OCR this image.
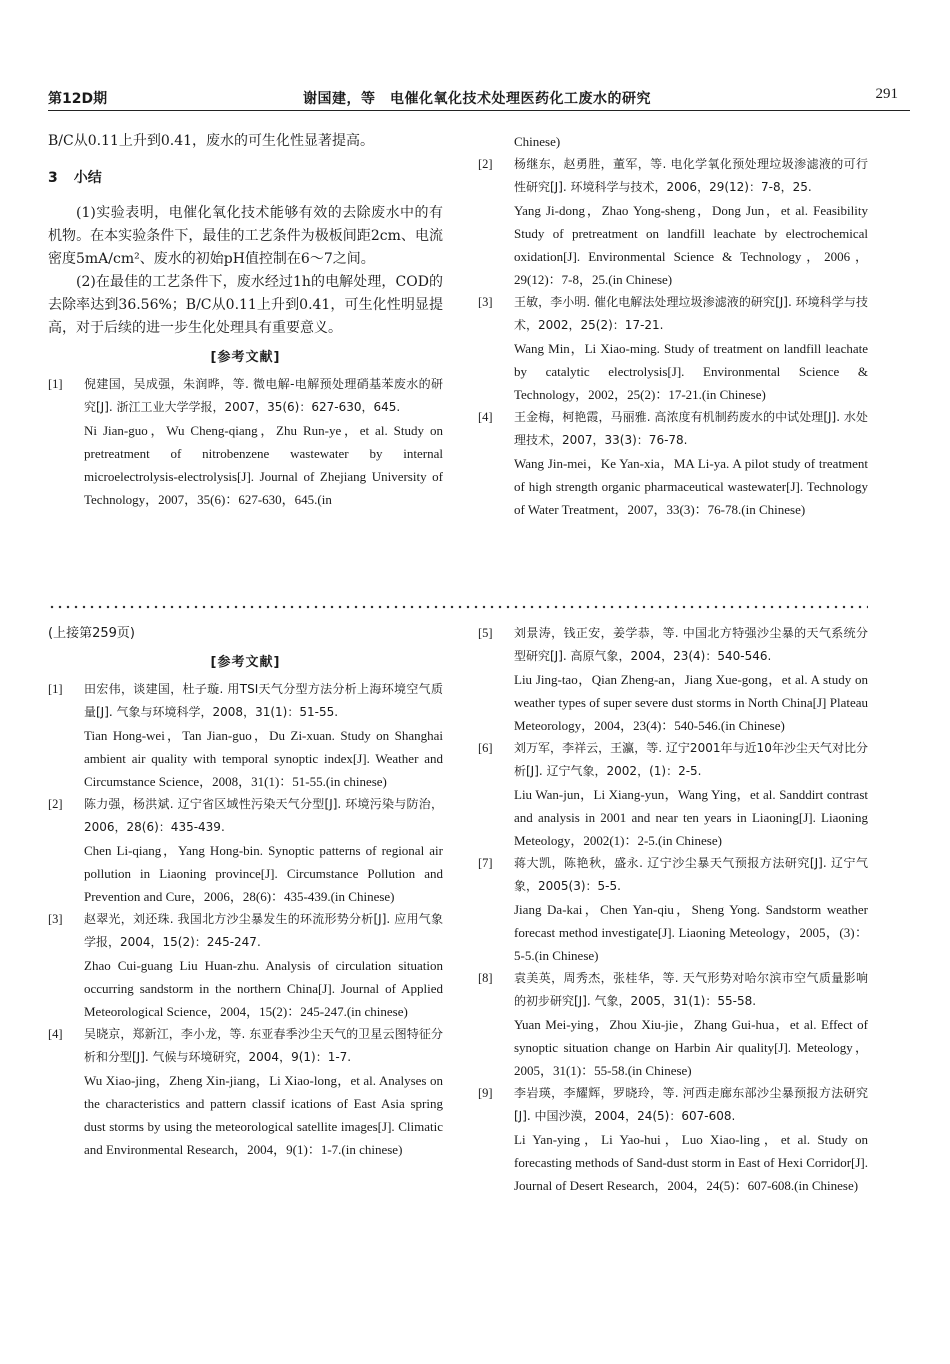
第12D期	谢国建，等　电催化氧化技术处理医药化工废水的研究	291

B/C从0.11上升到0.41，废水的可生化性显著提高。

3 小结

(1)实验表明，电催化氧化技术能够有效的去除废水中的有机物。在本实验条件下，最佳的工艺条件为极板间距2cm、电流密度5mA/cm²、废水的初始pH值控制在6～7之间。

(2)在最佳的工艺条件下，废水经过1h的电解处理，COD的去除率达到36.56%；B/C从0.11上升到0.41，可生化性明显提高，对于后续的进一步生化处理具有重要意义。

[参考文献]
[1] 倪建国，吴成强，朱润晔，等. 微电解-电解预处理硝基苯废水的研究[J]. 浙江工业大学学报，2007，35(6)：627-630，645.
Ni Jian-guo，Wu Cheng-qiang，Zhu Run-ye，et al. Study on pretreatment of nitrobenzene wastewater by internal microelectrolysis-electrolysis[J]. Journal of Zhejiang University of Technology，2007，35(6)：627-630，645.(in
Chinese)
[2] 杨继东，赵勇胜，董军，等. 电化学氧化预处理垃圾渗滤液的可行性研究[J]. 环境科学与技术，2006，29(12)：7-8，25.
Yang Ji-dong，Zhao Yong-sheng，Dong Jun，et al. Feasibility Study of pretreatment on landfill leachate by electrochemical oxidation[J]. Environmental Science & Technology，2006，29(12)：7-8，25.(in Chinese)
[3] 王敏，李小明. 催化电解法处理垃圾渗滤液的研究[J]. 环境科学与技术，2002，25(2)：17-21.
Wang Min，Li Xiao-ming. Study of treatment on landfill leachate by catalytic electrolysis[J]. Environmental Science & Technology，2002，25(2)：17-21.(in Chinese)
[4] 王金梅，柯艳霞，马丽雅. 高浓度有机制药废水的中试处理[J]. 水处理技术，2007，33(3)：76-78.
Wang Jin-mei，Ke Yan-xia，MA Li-ya. A pilot study of treatment of high strength organic pharmaceutical wastewater[J]. Technology of Water Treatment，2007，33(3)：76-78.(in Chinese)

(上接第259页)

[参考文献]
[1] 田宏伟，谈建国，杜子璇. 用TSI天气分型方法分析上海环境空气质量[J]. 气象与环境科学，2008，31(1)：51-55.
Tian Hong-wei，Tan Jian-guo，Du Zi-xuan. Study on Shanghai ambient air quality with temporal synoptic index[J]. Weather and Circumstance Science，2008，31(1)：51-55.(in chinese)
[2] 陈力强，杨洪斌. 辽宁省区域性污染天气分型[J]. 环境污染与防治，2006，28(6)：435-439.
Chen Li-qiang，Yang Hong-bin. Synoptic patterns of regional air pollution in Liaoning province[J]. Circumstance Pollution and Prevention and Cure，2006，28(6)：435-439.(in Chinese)
[3] 赵翠光，刘还珠. 我国北方沙尘暴发生的环流形势分析[J]. 应用气象学报，2004，15(2)：245-247.
Zhao Cui-guang Liu Huan-zhu. Analysis of circulation situation occurring sandstorm in the northern China[J]. Journal of Applied Meteorological Science，2004，15(2)：245-247.(in chinese)
[4] 吴晓京，郑新江，李小龙，等. 东亚春季沙尘天气的卫星云图特征分析和分型[J]. 气候与环境研究，2004，9(1)：1-7.
Wu Xiao-jing，Zheng Xin-jiang，Li Xiao-long，et al. Analyses on the characteristics and pattern classif ications of East Asia spring dust storms by using the meteorological satellite images[J]. Climatic and Environmental Research，2004，9(1)：1-7.(in chinese)
[5] 刘景涛，钱正安，姜学恭，等. 中国北方特强沙尘暴的天气系统分型研究[J]. 高原气象，2004，23(4)：540-546.
Liu Jing-tao，Qian Zheng-an，Jiang Xue-gong，et al. A study on weather types of super severe dust storms in North China[J] Plateau Meteorology，2004，23(4)：540-546.(in Chinese)
[6] 刘万军，李祥云，王瀛，等. 辽宁2001年与近10年沙尘天气对比分析[J]. 辽宁气象，2002，(1)：2-5.
Liu Wan-jun，Li Xiang-yun，Wang Ying，et al. Sanddirt contrast and analysis in 2001 and near ten years in Liaoning[J]. Liaoning Meteology，2002(1)：2-5.(in Chinese)
[7] 蒋大凯，陈艳秋，盛永. 辽宁沙尘暴天气预报方法研究[J]. 辽宁气象，2005(3)：5-5.
Jiang Da-kai，Chen Yan-qiu，Sheng Yong. Sandstorm weather forecast method investigate[J]. Liaoning Meteology，2005，(3)：5-5.(in Chinese)
[8] 袁美英，周秀杰，张桂华，等. 天气形势对哈尔滨市空气质量影响的初步研究[J]. 气象，2005，31(1)：55-58.
Yuan Mei-ying，Zhou Xiu-jie，Zhang Gui-hua，et al. Effect of synoptic situation change on Harbin Air quality[J]. Meteology，2005，31(1)：55-58.(in Chinese)
[9] 李岩瑛，李耀辉，罗晓玲，等. 河西走廊东部沙尘暴预报方法研究[J]. 中国沙漠，2004，24(5)：607-608.
Li Yan-ying，Li Yao-hui，Luo Xiao-ling，et al. Study on forecasting methods of Sand-dust storm in East of Hexi Corridor[J]. Journal of Desert Research，2004，24(5)：607-608.(in Chinese)
